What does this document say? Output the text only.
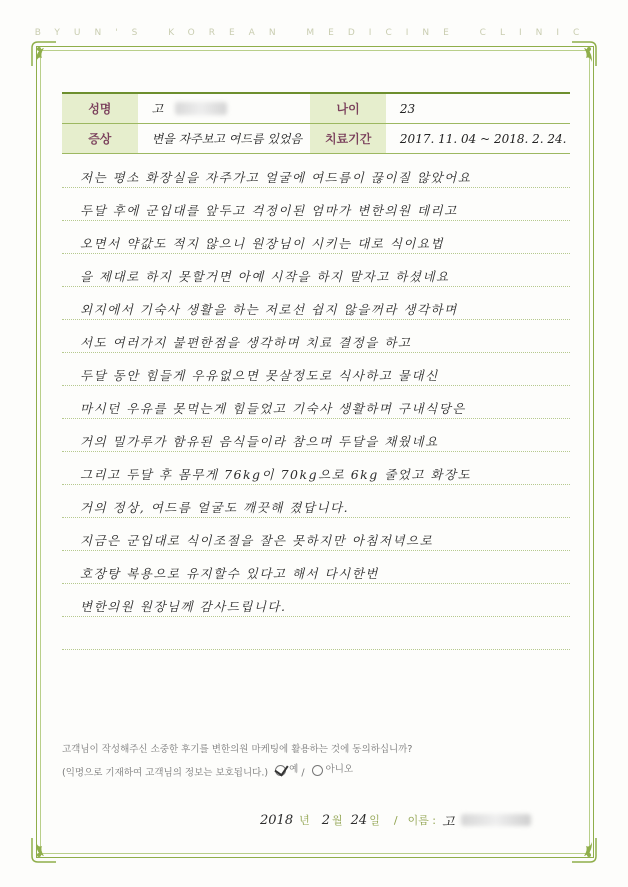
BYUN'S KOREAN MEDICINE CLINIC
성명	고	나이	23
증상	변을 자주보고 여드름 있었음	치료기간	2017. 11. 04 ~ 2018. 2. 24.
저는 평소 화장실을 자주가고 얼굴에 여드름이 끊이질 않았어요
두달 후에 군입대를 앞두고 걱정이된 엄마가 변한의원 데리고
오면서 약값도 적지 않으니 원장님이 시키는 대로 식이요법
을 제대로 하지 못할거면 아예 시작을 하지 말자고 하셨네요
외지에서 기숙사 생활을 하는 저로선 쉽지 않을꺼라 생각하며
서도 여러가지 불편한점을 생각하며 치료 결정을 하고
두달 동안 힘들게 우유없으면 못살정도로 식사하고 물대신
마시던 우유를 못먹는게 힘들었고 기숙사 생활하며 구내식당은
거의 밀가루가 함유된 음식들이라 참으며 두달을 채웠네요
그리고 두달 후 몸무게 76kg이 70kg으로 6kg 줄었고 화장도
거의 정상, 여드름 얼굴도 깨끗해 졌답니다.
지금은 군입대로 식이조절을 잘은 못하지만 아침저녁으로
호장탕 복용으로 유지할수 있다고 해서 다시한번
변한의원 원장님께 감사드립니다.
고객님이 작성해주신 소중한 후기를 변한의원 마케팅에 활용하는 것에 동의하십니까?
(익명으로 기재하여 고객님의 정보는 보호됩니다.) 예 / 아니오
2018 년 2 월 24 일 / 이름 : 고
